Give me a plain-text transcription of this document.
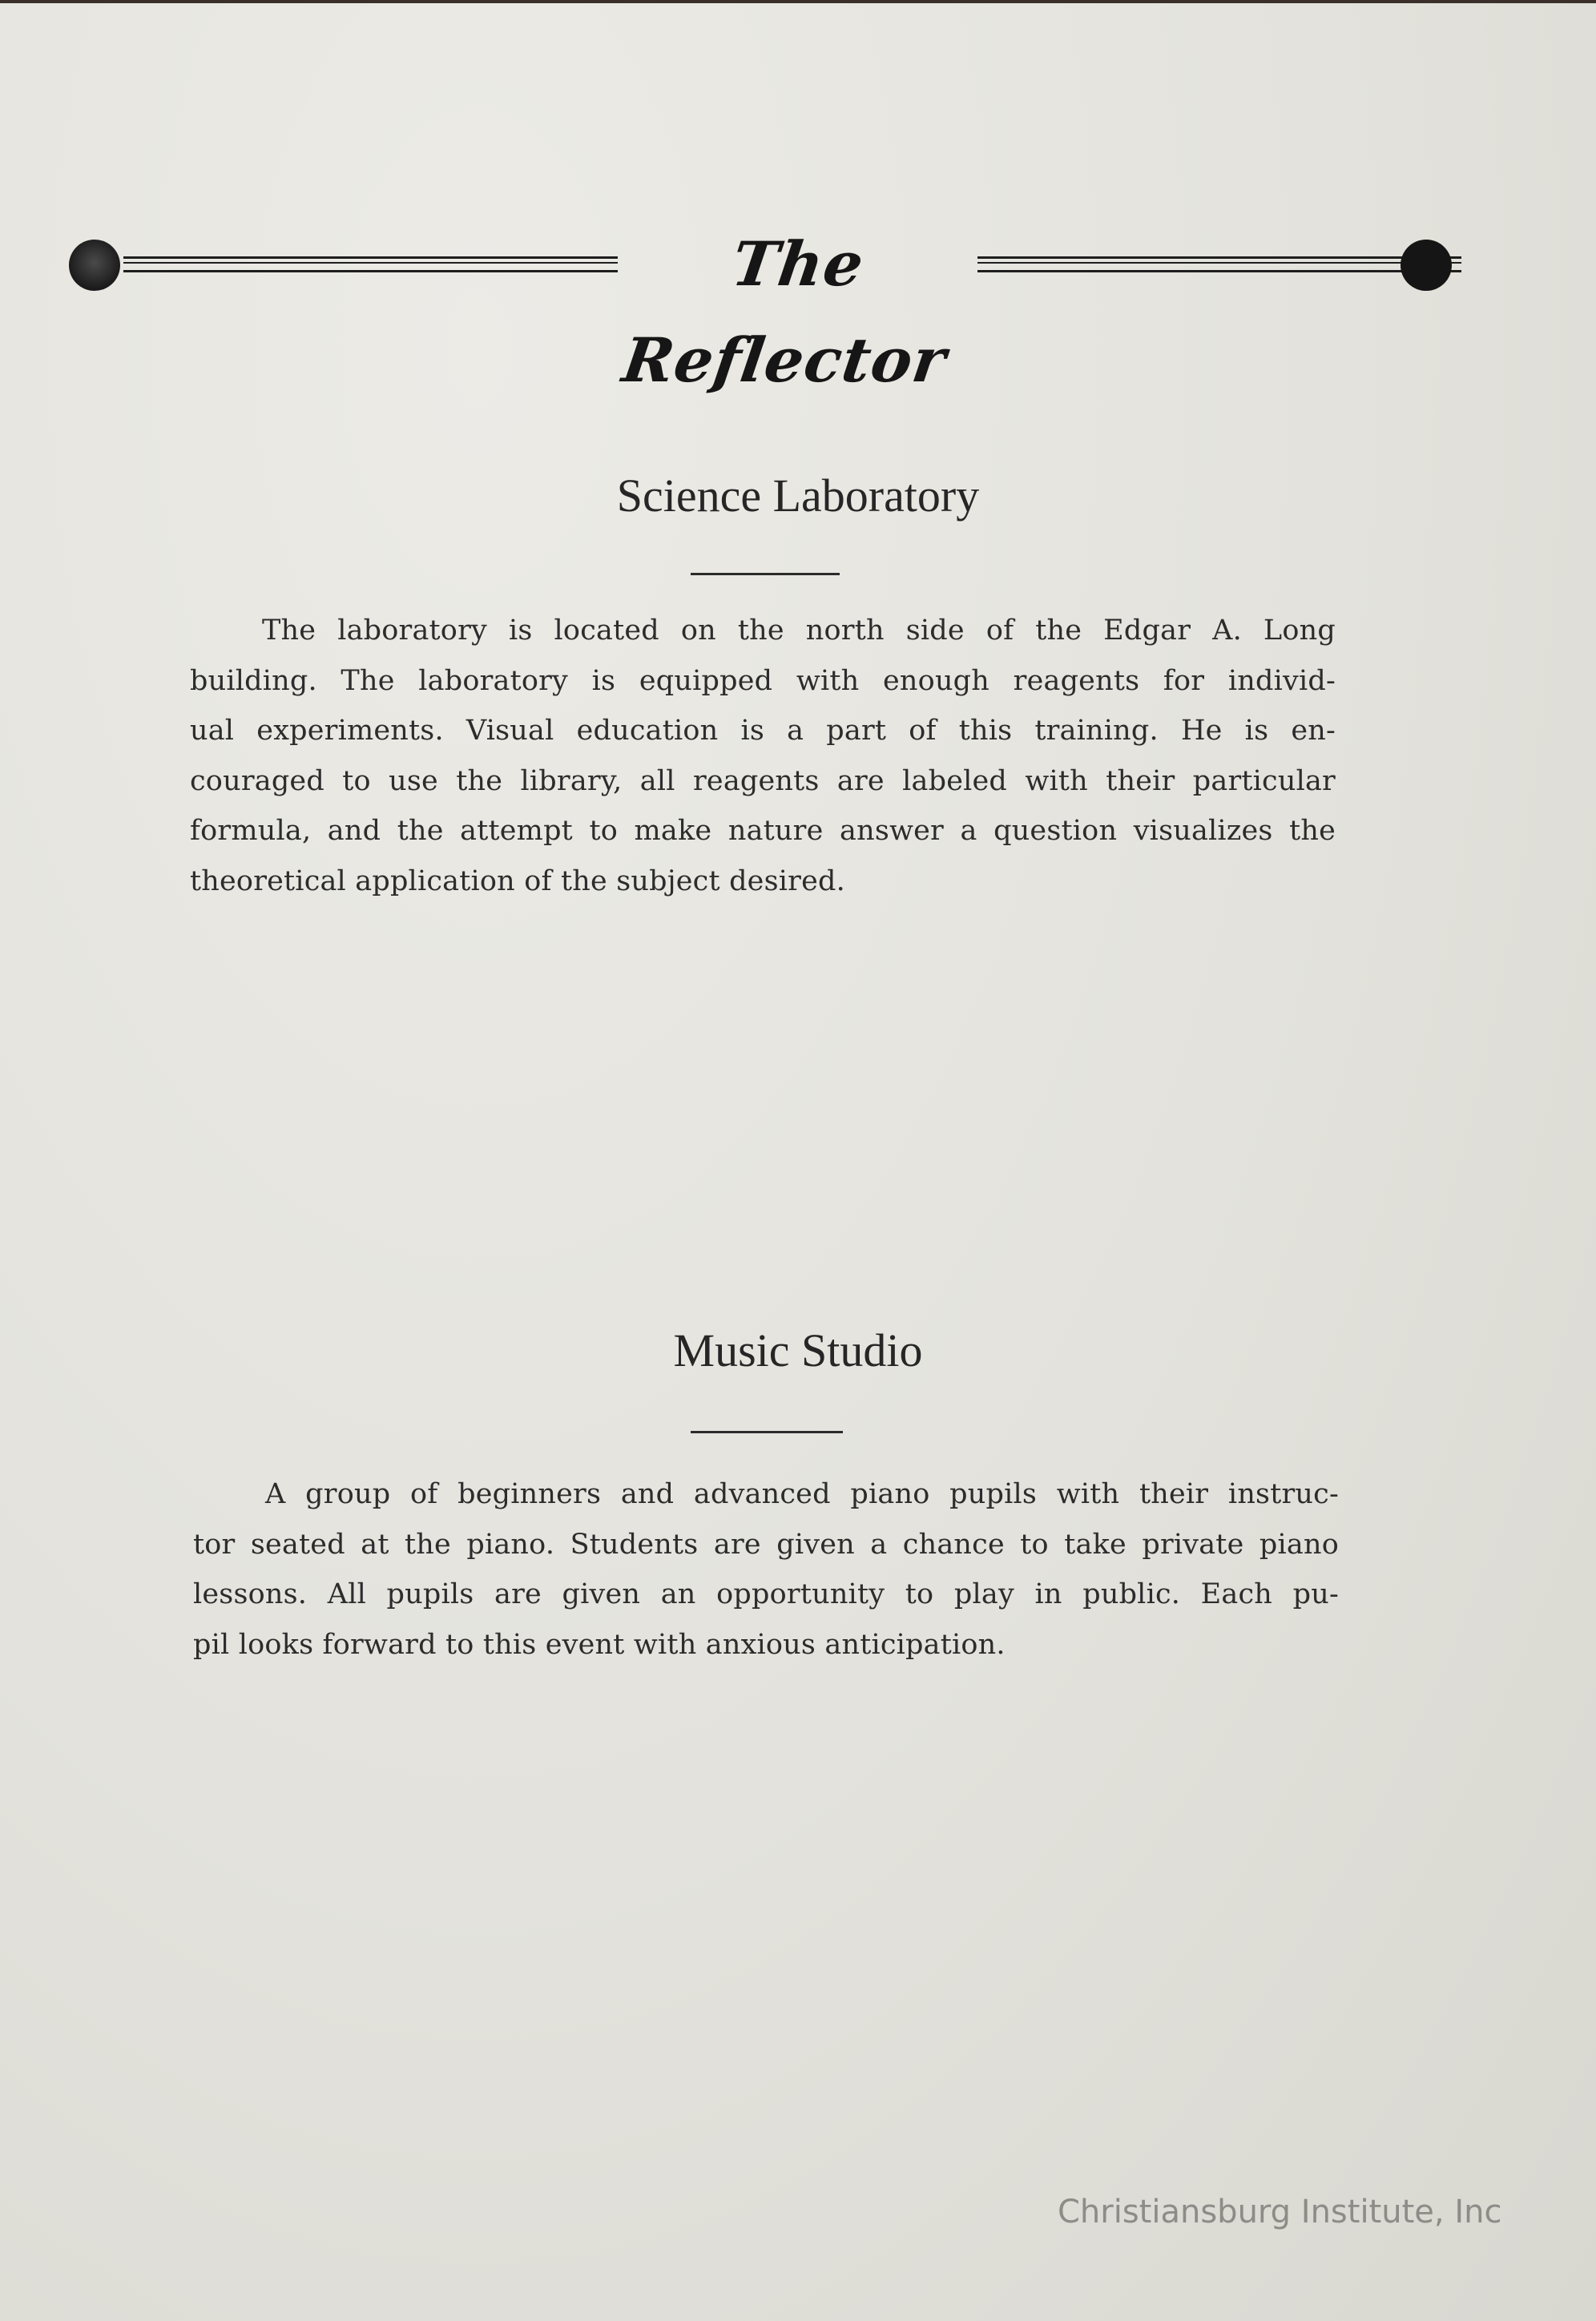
The Reflector
Science Laboratory
The laboratory is located on the north side of the Edgar A. Long
building. The laboratory is equipped with enough reagents for individ-
ual experiments. Visual education is a part of this training. He is en-
couraged to use the library, all reagents are labeled with their particular
formula, and the attempt to make nature answer a question visualizes the
theoretical application of the subject desired.
Music Studio
A group of beginners and advanced piano pupils with their instruc-
tor seated at the piano. Students are given a chance to take private piano
lessons. All pupils are given an opportunity to play in public. Each pu-
pil looks forward to this event with anxious anticipation.
Christiansburg Institute, Inc
